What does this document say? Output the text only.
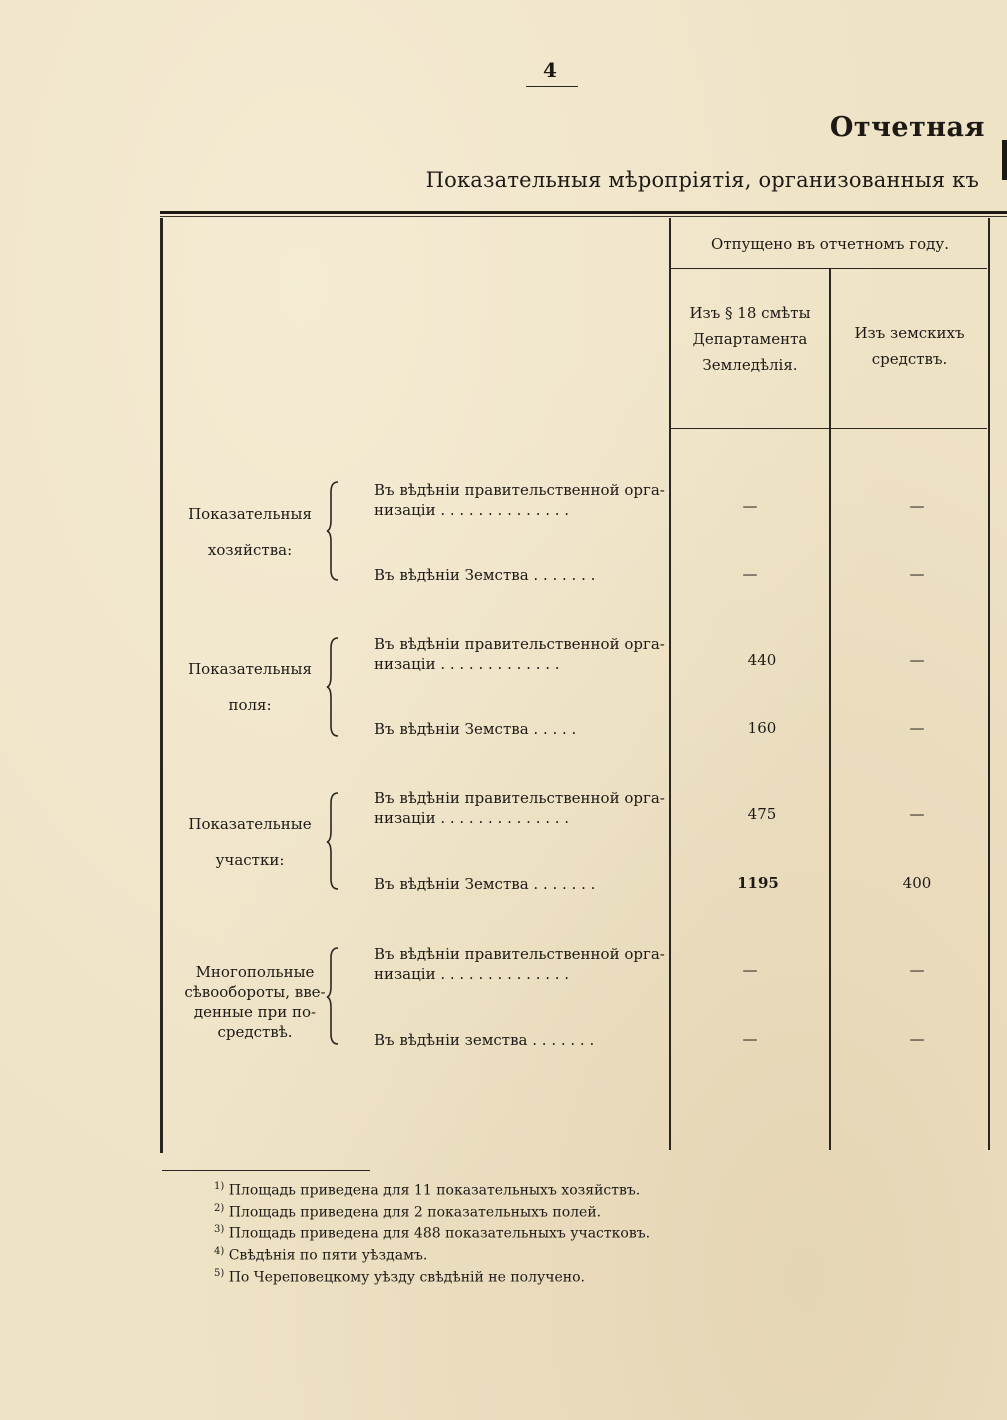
4
Отчетная
Показательныя мѣропріятія, организованныя къ
Отпущено въ отчетномъ году.
Изъ § 18 смѣты
Департамента
Земледѣлія.
Изъ земскихъ
средствъ.
Показательныя
хозяйства:
Въ вѣдѣніи правительственной орга-
низаціи . . . . . . . . . . . . . .	—	—
Въ вѣдѣніи Земства . . . . . . .	—	—
Показательныя
поля:
Въ вѣдѣніи правительственной орга-
низаціи . . . . . . . . . . . . .	440	—
Въ вѣдѣніи Земства . . . . .	160	—
Показательные
участки:
Въ вѣдѣніи правительственной орга-
низаціи . . . . . . . . . . . . . .	475	—
Въ вѣдѣніи Земства . . . . . . .	1195	400
Многопольные
сѣвообороты, вве-
денные при по-
средствѣ.
Въ вѣдѣніи правительственной орга-
низаціи . . . . . . . . . . . . . .	—	—
Въ вѣдѣніи земства . . . . . . .	—	—
$^{1)}$ Площадь приведена для 11 показательныхъ хозяйствъ.
$^{2)}$ Площадь приведена для 2 показательныхъ полей.
$^{3)}$ Площадь приведена для 488 показательныхъ участковъ.
$^{4)}$ Свѣдѣнія по пяти уѣздамъ.
$^{5)}$ По Череповецкому уѣзду свѣдѣній не получено.
